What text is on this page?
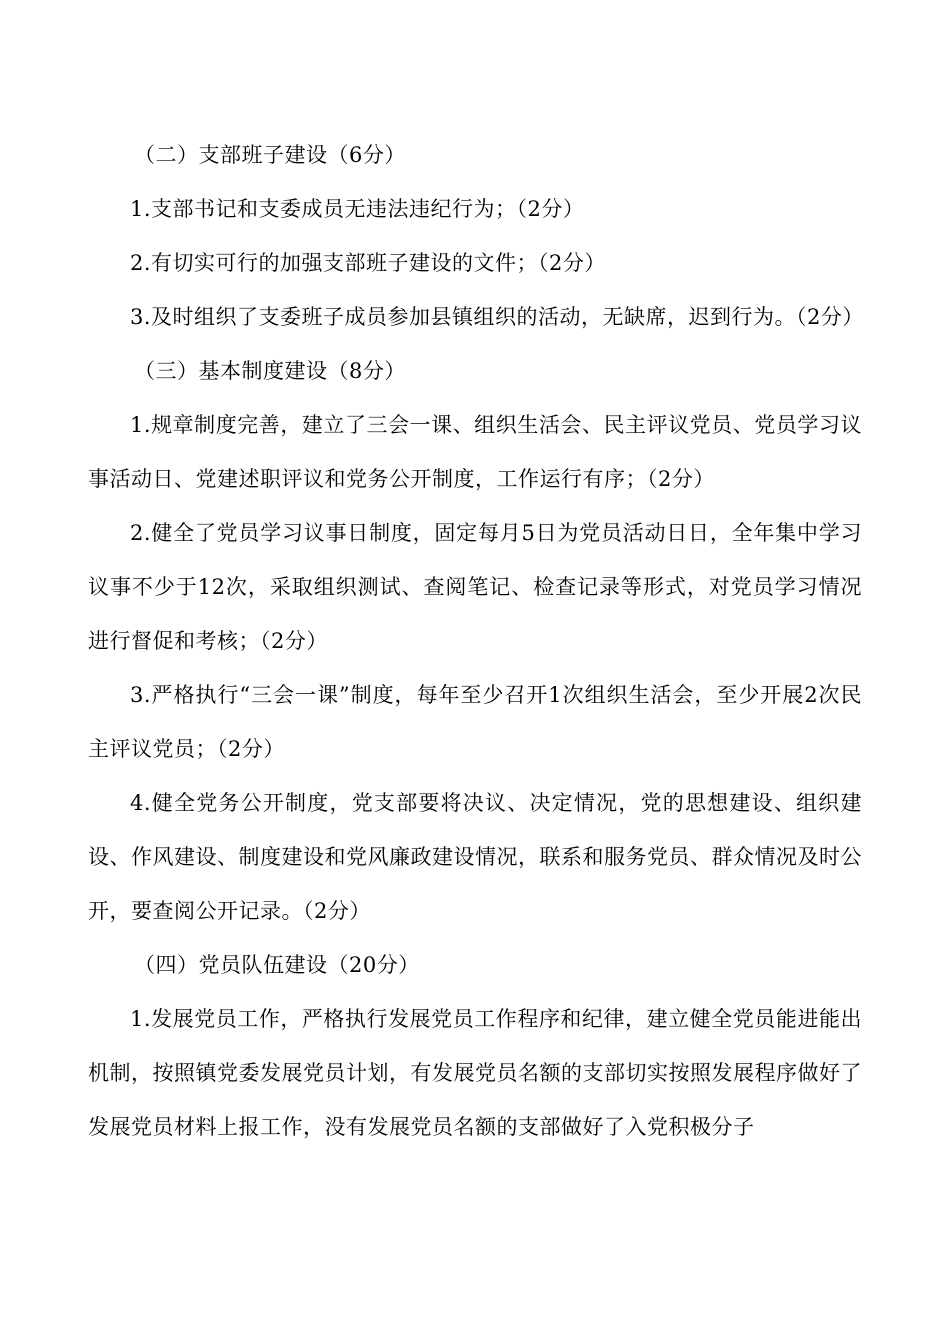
（二）支部班子建设（6分）

1.支部书记和支委成员无违法违纪行为；（2分）

2.有切实可行的加强支部班子建设的文件；（2分）

3.及时组织了支委班子成员参加县镇组织的活动，无缺席，迟到行为。（2分）

（三）基本制度建设（8分）

1.规章制度完善，建立了三会一课、组织生活会、民主评议党员、党员学习议事活动日、党建述职评议和党务公开制度，工作运行有序；（2分）

2.健全了党员学习议事日制度，固定每月5日为党员活动日日，全年集中学习议事不少于12次，采取组织测试、查阅笔记、检查记录等形式，对党员学习情况进行督促和考核；（2分）

3.严格执行“三会一课”制度，每年至少召开1次组织生活会，至少开展2次民主评议党员；（2分）

4.健全党务公开制度，党支部要将决议、决定情况，党的思想建设、组织建设、作风建设、制度建设和党风廉政建设情况，联系和服务党员、群众情况及时公开，要查阅公开记录。（2分）

（四）党员队伍建设（20分）

1.发展党员工作，严格执行发展党员工作程序和纪律，建立健全党员能进能出机制，按照镇党委发展党员计划，有发展党员名额的支部切实按照发展程序做好了发展党员材料上报工作，没有发展党员名额的支部做好了入党积极分子
